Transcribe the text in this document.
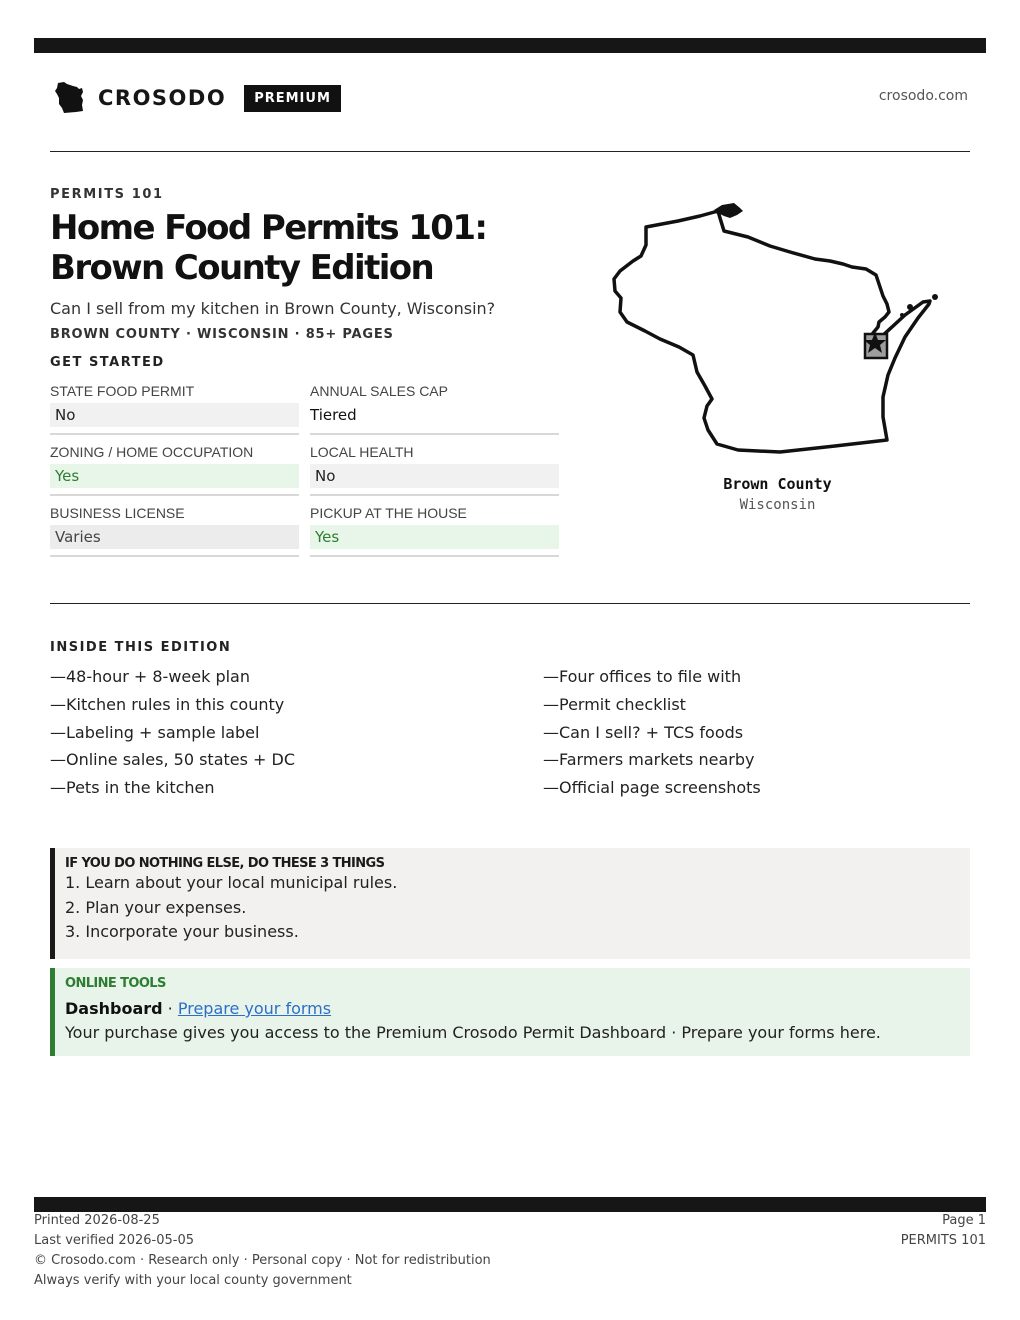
CROSODO	PREMIUM	crosodo.com
PERMITS 101
Home Food Permits 101: Brown County Edition
Can I sell from my kitchen in Brown County, Wisconsin?
BROWN COUNTY · WISCONSIN · 85+ PAGES
GET STARTED
STATE FOOD PERMIT
No
ANNUAL SALES CAP
Tiered
ZONING / HOME OCCUPATION
Yes
LOCAL HEALTH
No
BUSINESS LICENSE
Varies
PICKUP AT THE HOUSE
Yes
Brown County
Wisconsin
INSIDE THIS EDITION
—48-hour + 8-week plan	—Four offices to file with
—Kitchen rules in this county	—Permit checklist
—Labeling + sample label	—Can I sell? + TCS foods
—Online sales, 50 states + DC	—Farmers markets nearby
—Pets in the kitchen	—Official page screenshots
IF YOU DO NOTHING ELSE, DO THESE 3 THINGS
1. Learn about your local municipal rules.
2. Plan your expenses.
3. Incorporate your business.
ONLINE TOOLS
Dashboard · Prepare your forms
Your purchase gives you access to the Premium Crosodo Permit Dashboard · Prepare your forms here.
Printed 2026-08-25
Last verified 2026-05-05
© Crosodo.com · Research only · Personal copy · Not for redistribution
Always verify with your local county government
Page 1
PERMITS 101
